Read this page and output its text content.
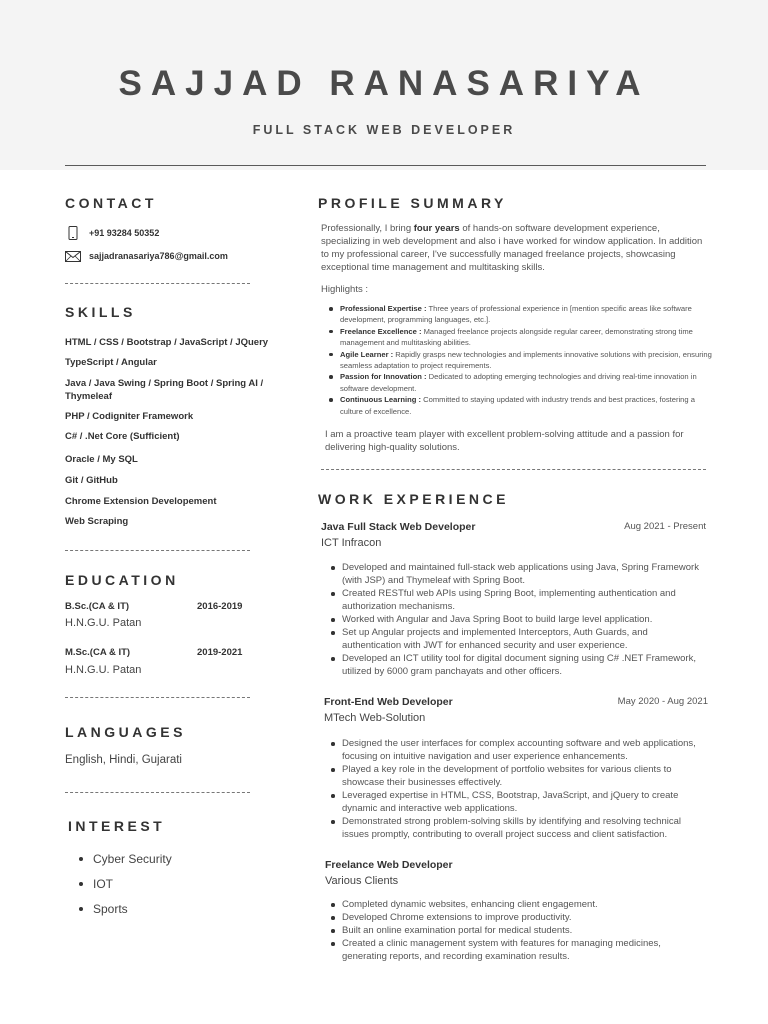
SAJJAD RANASARIYA
FULL STACK WEB DEVELOPER
CONTACT
+91 93284 50352
sajjadranasariya786@gmail.com
SKILLS
HTML / CSS / Bootstrap / JavaScript / JQuery
TypeScript / Angular
Java / Java Swing / Spring Boot / Spring AI / Thymeleaf
PHP / Codigniter Framework
C# / .Net Core (Sufficient)
Oracle / My SQL
Git / GitHub
Chrome Extension Developement
Web Scraping
EDUCATION
B.Sc.(CA & IT)	2016-2019
H.N.G.U. Patan
M.Sc.(CA & IT)	2019-2021
H.N.G.U. Patan
LANGUAGES
English, Hindi, Gujarati
INTEREST
Cyber Security
IOT
Sports
PROFILE SUMMARY
Professionally, I bring four years of hands-on software development experience, specializing in web development and also i have worked for window application. In addition to my professional career, I've successfully managed freelance projects, showcasing exceptional time management and multitasking skills.
Highlights :
Professional Expertise : Three years of professional experience in [mention specific areas like software development, programming languages, etc.].
Freelance Excellence : Managed freelance projects alongside regular career, demonstrating strong time management and multitasking abilities.
Agile Learner : Rapidly grasps new technologies and implements innovative solutions with precision, ensuring seamless adaptation to project requirements.
Passion for Innovation : Dedicated to adopting emerging technologies and driving real-time innovation in software development.
Continuous Learning : Committed to staying updated with industry trends and best practices, fostering a culture of excellence.
I am a proactive team player with excellent problem-solving attitude and a passion for delivering high-quality solutions.
WORK EXPERIENCE
Java Full Stack Web Developer	Aug 2021 - Present
ICT Infracon
Developed and maintained full-stack web applications using Java, Spring Framework (with JSP) and Thymeleaf with Spring Boot.
Created RESTful web APIs using Spring Boot, implementing authentication and authorization mechanisms.
Worked with Angular and Java Spring Boot to build large level application.
Set up Angular projects and implemented Interceptors, Auth Guards, and authentication with JWT for enhanced security and user experience.
Developed an ICT utility tool for digital document signing using C# .NET Framework, utilized by 6000 gram panchayats and other officers.
Front-End Web Developer	May 2020 - Aug 2021
MTech Web-Solution
Designed the user interfaces for complex accounting software and web applications, focusing on intuitive navigation and user experience enhancements.
Played a key role in the development of portfolio websites for various clients to showcase their businesses effectively.
Leveraged expertise in HTML, CSS, Bootstrap, JavaScript, and jQuery to create dynamic and interactive web applications.
Demonstrated strong problem-solving skills by identifying and resolving technical issues promptly, contributing to overall project success and client satisfaction.
Freelance Web Developer
Various Clients
Completed dynamic websites, enhancing client engagement.
Developed Chrome extensions to improve productivity.
Built an online examination portal for medical students.
Created a clinic management system with features for managing medicines, generating reports, and recording examination results.
